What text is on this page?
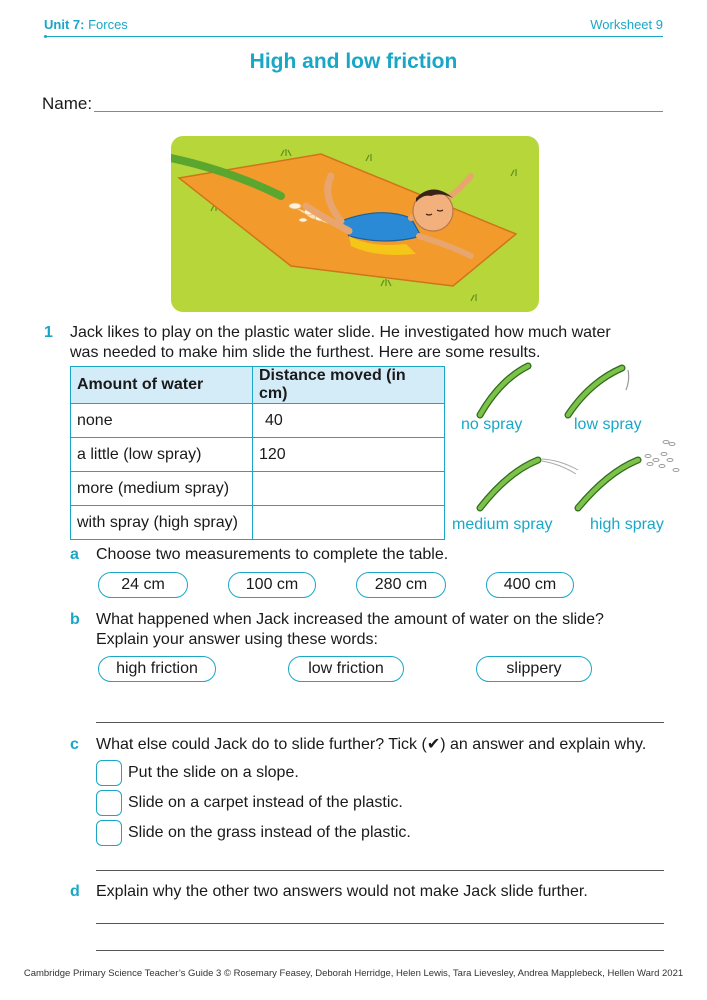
Unit 7: Forces	Worksheet 9
High and low friction
Name:
1 Jack likes to play on the plastic water slide. He investigated how much water
was needed to make him slide the furthest. Here are some results.
Amount of water	Distance moved (in cm)
none	40
a little (low spray)	120
more (medium spray)	
with spray (high spray)	
no spray	low spray
medium spray high spray
a Choose two measurements to complete the table.
24 cm	100 cm	280 cm	400 cm
b What happened when Jack increased the amount of water on the slide?
Explain your answer using these words:
high friction	low friction	slippery
c What else could Jack do to slide further? Tick (✔) an answer and explain why.
Put the slide on a slope.
Slide on a carpet instead of the plastic.
Slide on the grass instead of the plastic.
d Explain why the other two answers would not make Jack slide further.
Cambridge Primary Science Teacher’s Guide 3 © Rosemary Feasey, Deborah Herridge, Helen Lewis, Tara Lievesley, Andrea Mapplebeck, Hellen Ward 2021
